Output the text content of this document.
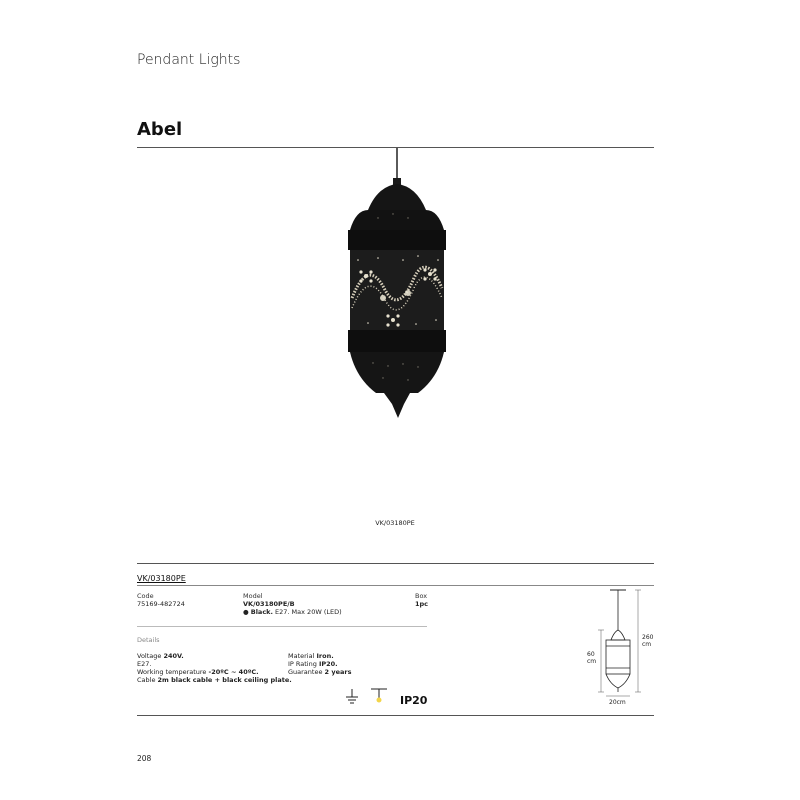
Pendant Lights
Abel
VK/03180PE
VK/03180PE
Code
75169-482724
Model
VK/03180PE/B
● Black. E27. Max 20W (LED)
Box
1pc
Details
Voltage 240V.
E27.
Working temperature -20ºC ~ 40ºC.
Cable 2m black cable + black ceiling plate.
Material Iron.
IP Rating IP20.
Guarantee 2 years
IP20
260
cm
60
cm
20cm
208
